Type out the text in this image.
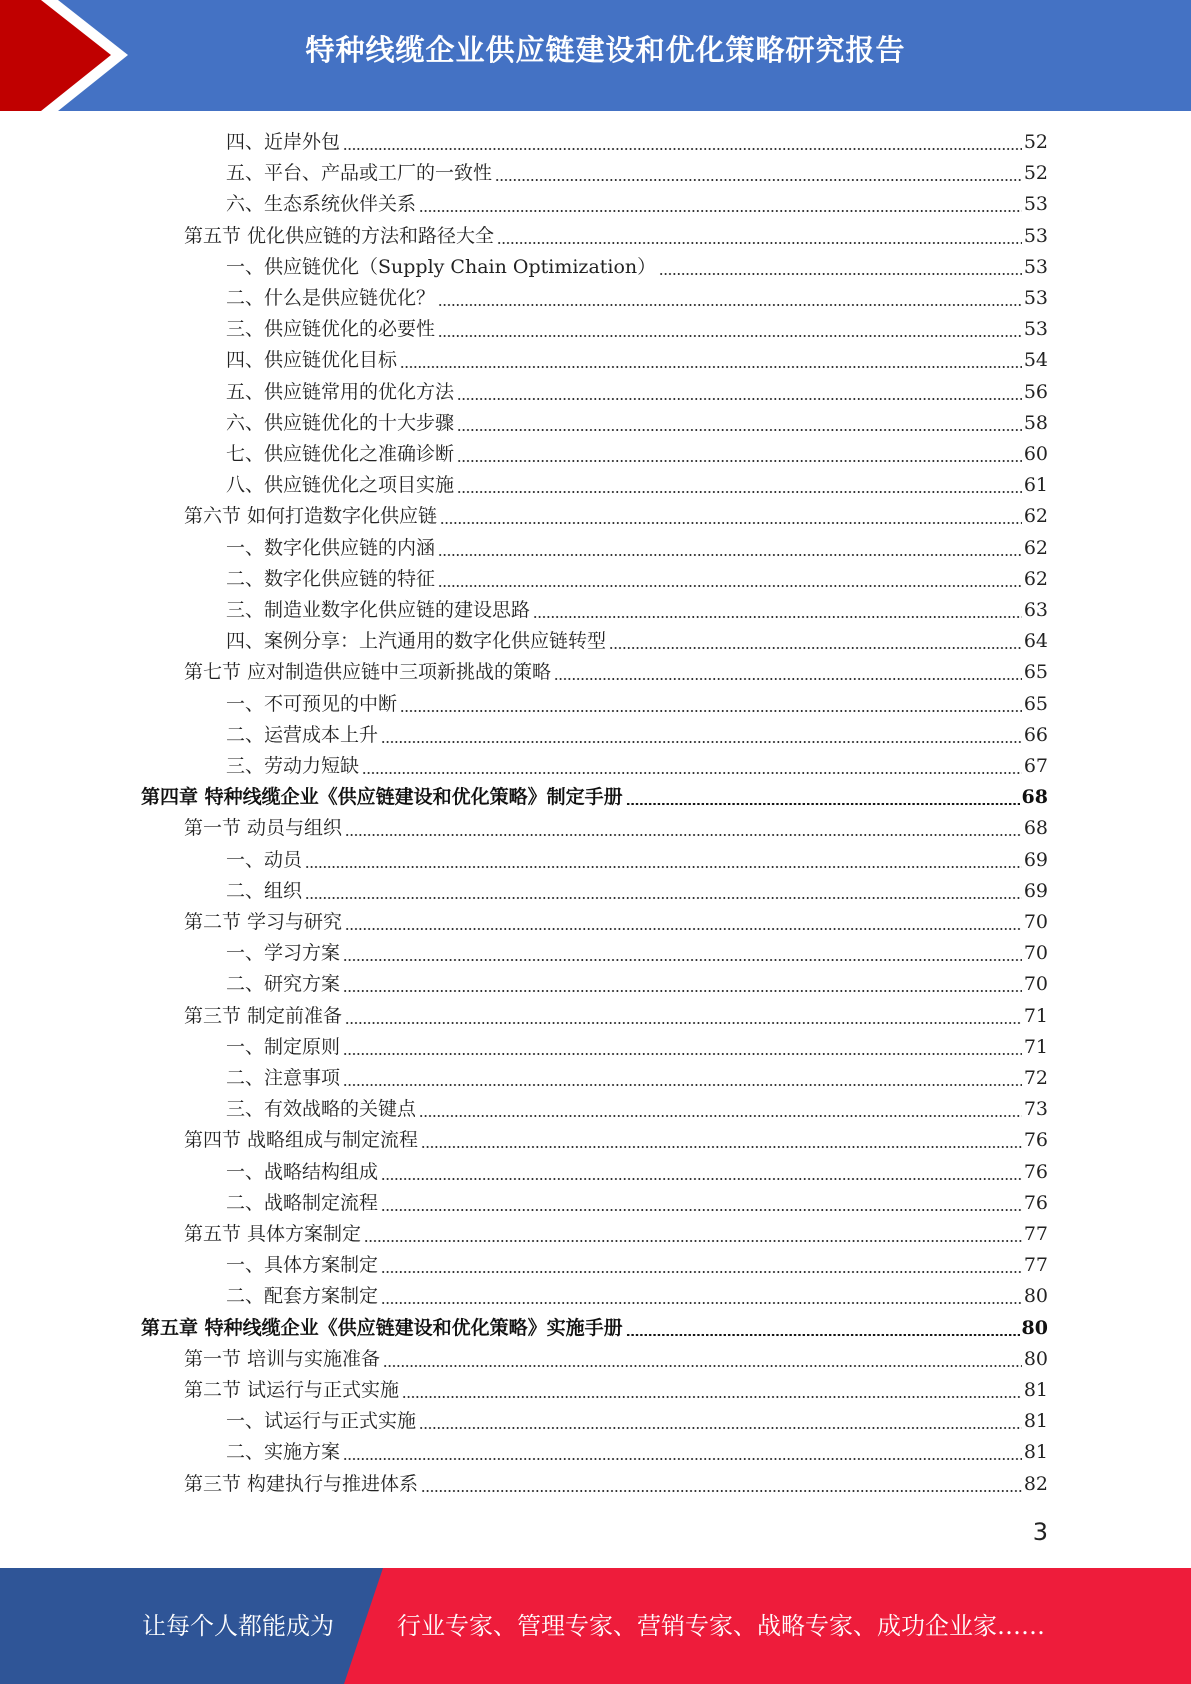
特种线缆企业供应链建设和优化策略研究报告
四、近岸外包	52
五、平台、产品或工厂的一致性	52
六、生态系统伙伴关系	53
第五节 优化供应链的方法和路径大全	53
一、供应链优化（Supply Chain Optimization）	53
二、什么是供应链优化？	53
三、供应链优化的必要性	53
四、供应链优化目标	54
五、供应链常用的优化方法	56
六、供应链优化的十大步骤	58
七、供应链优化之准确诊断	60
八、供应链优化之项目实施	61
第六节 如何打造数字化供应链	62
一、数字化供应链的内涵	62
二、数字化供应链的特征	62
三、制造业数字化供应链的建设思路	63
四、案例分享：上汽通用的数字化供应链转型	64
第七节 应对制造供应链中三项新挑战的策略	65
一、不可预见的中断	65
二、运营成本上升	66
三、劳动力短缺	67
第四章 特种线缆企业《供应链建设和优化策略》制定手册	68
第一节 动员与组织	68
一、动员	69
二、组织	69
第二节 学习与研究	70
一、学习方案	70
二、研究方案	70
第三节 制定前准备	71
一、制定原则	71
二、注意事项	72
三、有效战略的关键点	73
第四节 战略组成与制定流程	76
一、战略结构组成	76
二、战略制定流程	76
第五节 具体方案制定	77
一、具体方案制定	77
二、配套方案制定	80
第五章 特种线缆企业《供应链建设和优化策略》实施手册	80
第一节 培训与实施准备	80
第二节 试运行与正式实施	81
一、试运行与正式实施	81
二、实施方案	81
第三节 构建执行与推进体系	82
3
让每个人都能成为	行业专家、管理专家、营销专家、战略专家、成功企业家……
